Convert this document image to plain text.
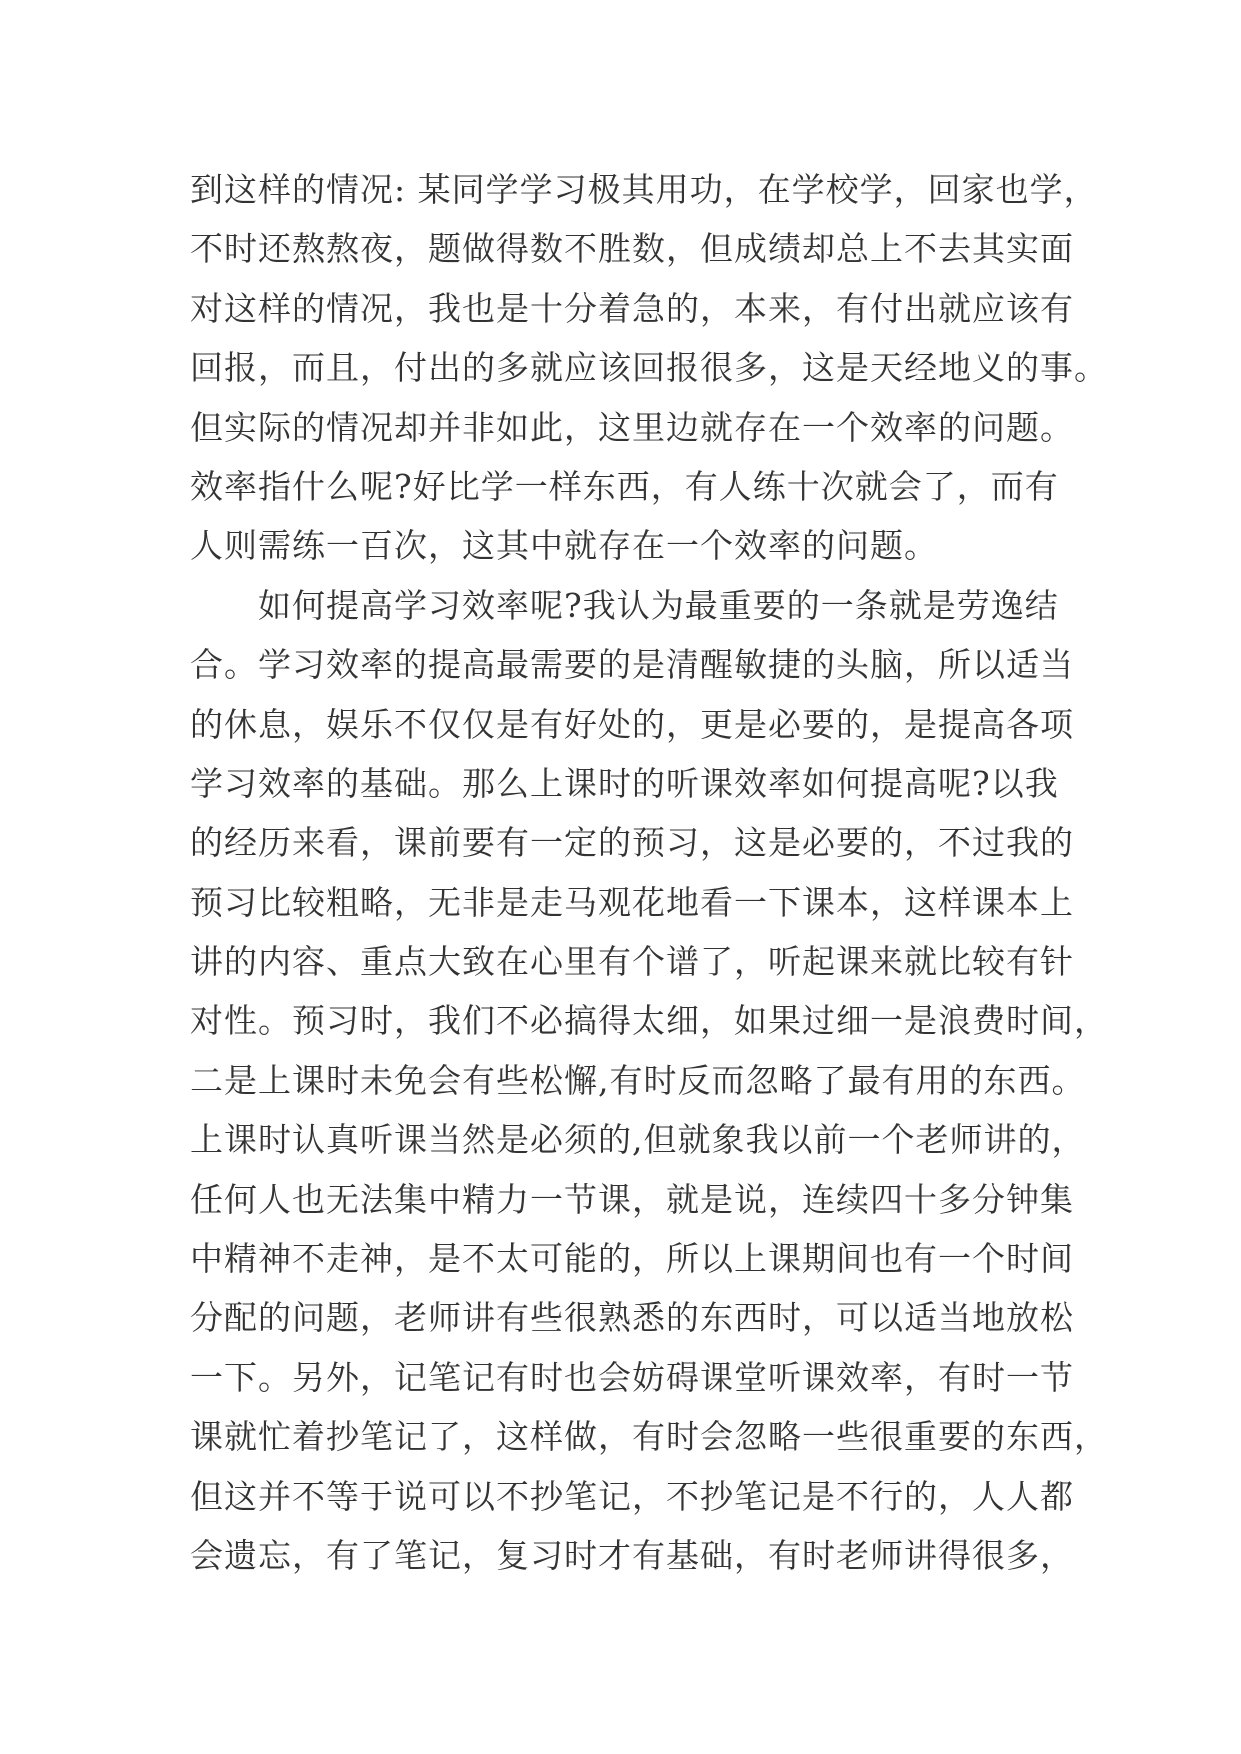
到这样的情况: 某同学学习极其用功，在学校学，回家也学，
不时还熬熬夜，题做得数不胜数，但成绩却总上不去其实面
对这样的情况，我也是十分着急的，本来，有付出就应该有
回报，而且，付出的多就应该回报很多，这是天经地义的事。
但实际的情况却并非如此，这里边就存在一个效率的问题。
效率指什么呢?好比学一样东西，有人练十次就会了，而有
人则需练一百次，这其中就存在一个效率的问题。
　　如何提高学习效率呢?我认为最重要的一条就是劳逸结
合。学习效率的提高最需要的是清醒敏捷的头脑，所以适当
的休息，娱乐不仅仅是有好处的，更是必要的，是提高各项
学习效率的基础。那么上课时的听课效率如何提高呢?以我
的经历来看，课前要有一定的预习，这是必要的，不过我的
预习比较粗略，无非是走马观花地看一下课本，这样课本上
讲的内容、重点大致在心里有个谱了，听起课来就比较有针
对性。预习时，我们不必搞得太细，如果过细一是浪费时间，
二是上课时未免会有些松懈,有时反而忽略了最有用的东西。
上课时认真听课当然是必须的,但就象我以前一个老师讲的，
任何人也无法集中精力一节课，就是说，连续四十多分钟集
中精神不走神，是不太可能的，所以上课期间也有一个时间
分配的问题，老师讲有些很熟悉的东西时，可以适当地放松
一下。另外，记笔记有时也会妨碍课堂听课效率，有时一节
课就忙着抄笔记了，这样做，有时会忽略一些很重要的东西，
但这并不等于说可以不抄笔记，不抄笔记是不行的，人人都
会遗忘，有了笔记，复习时才有基础，有时老师讲得很多，
